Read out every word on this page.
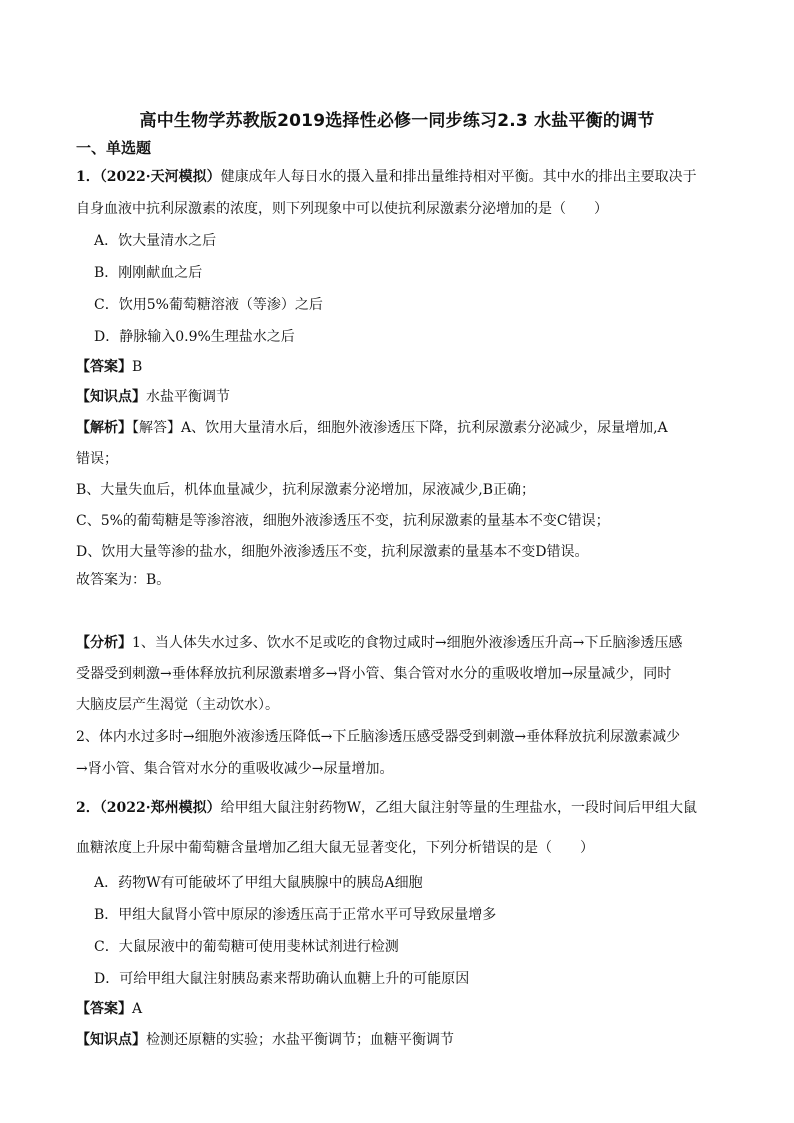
高中生物学苏教版2019选择性必修一同步练习2.3 水盐平衡的调节
一、单选题
1．（2022·天河模拟）健康成年人每日水的摄入量和排出量维持相对平衡。其中水的排出主要取决于
自身血液中抗利尿激素的浓度，则下列现象中可以使抗利尿激素分泌增加的是（　　）
A．饮大量清水之后
B．刚刚献血之后
C．饮用5%葡萄糖溶液（等渗）之后
D．静脉输入0.9%生理盐水之后
【答案】B
【知识点】水盐平衡调节
【解析】【解答】A、饮用大量清水后，细胞外液渗透压下降，抗利尿激素分泌减少，尿量增加,A
错误；
B、大量失血后，机体血量减少，抗利尿激素分泌增加，尿液减少,B正确；
C、5%的葡萄糖是等渗溶液，细胞外液渗透压不变，抗利尿激素的量基本不变C错误；
D、饮用大量等渗的盐水，细胞外液渗透压不变，抗利尿激素的量基本不变D错误。
故答案为：B。
【分析】1、当人体失水过多、饮水不足或吃的食物过咸时→细胞外液渗透压升高→下丘脑渗透压感
受器受到刺激→垂体释放抗利尿激素增多→肾小管、集合管对水分的重吸收增加→尿量减少，同时
大脑皮层产生渴觉（主动饮水）。
2、体内水过多时→细胞外液渗透压降低→下丘脑渗透压感受器受到刺激→垂体释放抗利尿激素减少
→肾小管、集合管对水分的重吸收减少→尿量增加。
2．（2022·郑州模拟）给甲组大鼠注射药物W，乙组大鼠注射等量的生理盐水，一段时间后甲组大鼠
血糖浓度上升尿中葡萄糖含量增加乙组大鼠无显著变化，下列分析错误的是（　　）
A．药物W有可能破坏了甲组大鼠胰腺中的胰岛A细胞
B．甲组大鼠肾小管中原尿的渗透压高于正常水平可导致尿量增多
C．大鼠尿液中的葡萄糖可使用斐林试剂进行检测
D．可给甲组大鼠注射胰岛素来帮助确认血糖上升的可能原因
【答案】A
【知识点】检测还原糖的实验；水盐平衡调节；血糖平衡调节
